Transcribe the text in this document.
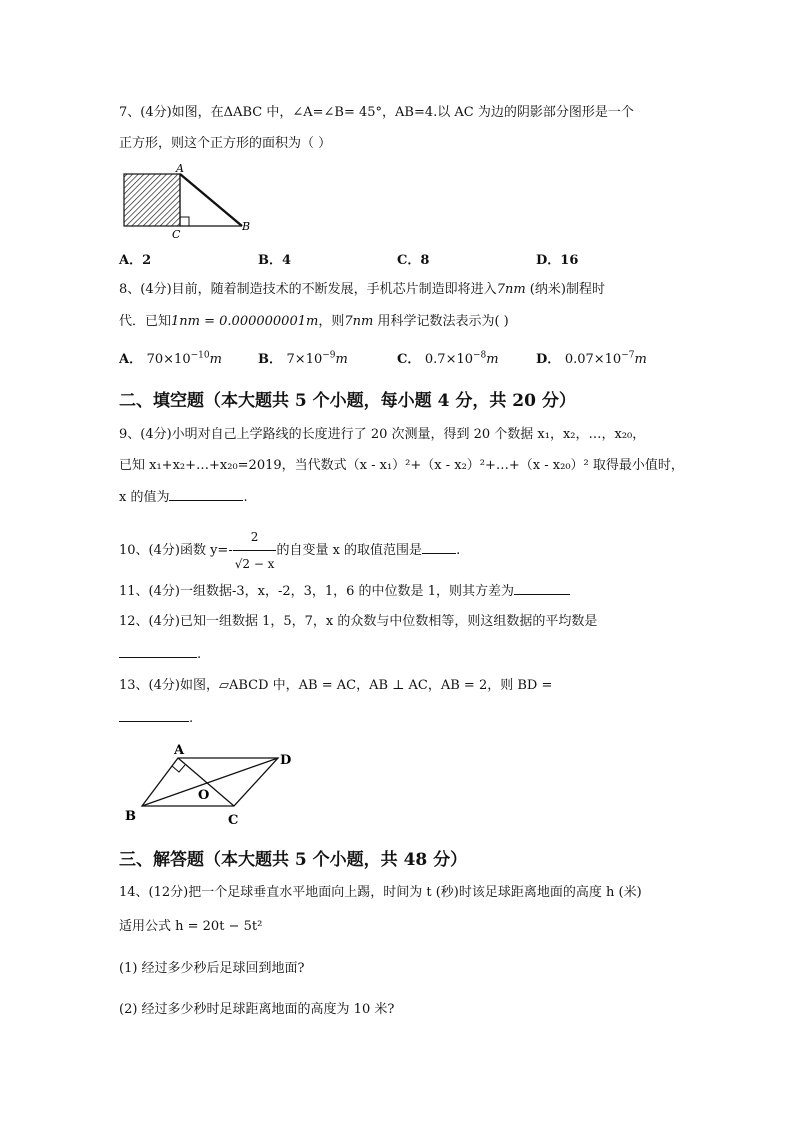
7、(4分)如图，在ΔABC 中，∠A=∠B= 45°，AB=4.以 AC 为边的阴影部分图形是一个
正方形，则这个正方形的面积为（ ）
A
C
B
A．2	B．4	C．8	D．16
8、(4分)目前，随着制造技术的不断发展，手机芯片制造即将进入7nm (纳米)制程时
代．已知1nm = 0.000000001m，则7nm 用科学记数法表示为( )
A． $70\times 10^{-10}m$	B． $7\times 10^{-9}m$	C． $0.7\times 10^{-8}m$	D． $0.07\times 10^{-7}m$
二、填空题（本大题共 5 个小题，每小题 4 分，共 20 分）
9、(4分)小明对自己上学路线的长度进行了 20 次测量，得到 20 个数据 x₁，x₂，…，x₂₀，
已知 x₁+x₂+…+x₂₀=2019，当代数式（x - x₁）²+（x - x₂）²+…+（x - x₂₀）² 取得最小值时，
x 的值为	.
10、(4分)函数 $y=- \frac{2}{√2 - x}$ 的自变量 x 的取值范围是	.
11、(4分)一组数据-3，x，-2，3，1，6 的中位数是 1，则其方差为
12、(4分)已知一组数据 1，5，7，x 的众数与中位数相等，则这组数据的平均数是
.
13、(4分)如图，▱ABCD 中，AB = AC，AB ⊥ AC，AB = 2，则 BD =
.
A
D
O
B	C
三、解答题（本大题共 5 个小题，共 48 分）
14、(12分)把一个足球垂直水平地面向上踢，时间为 t (秒)时该足球距离地面的高度 h (米)
适用公式 h = 20t − 5t²
(1) 经过多少秒后足球回到地面?
(2) 经过多少秒时足球距离地面的高度为 10 米?
